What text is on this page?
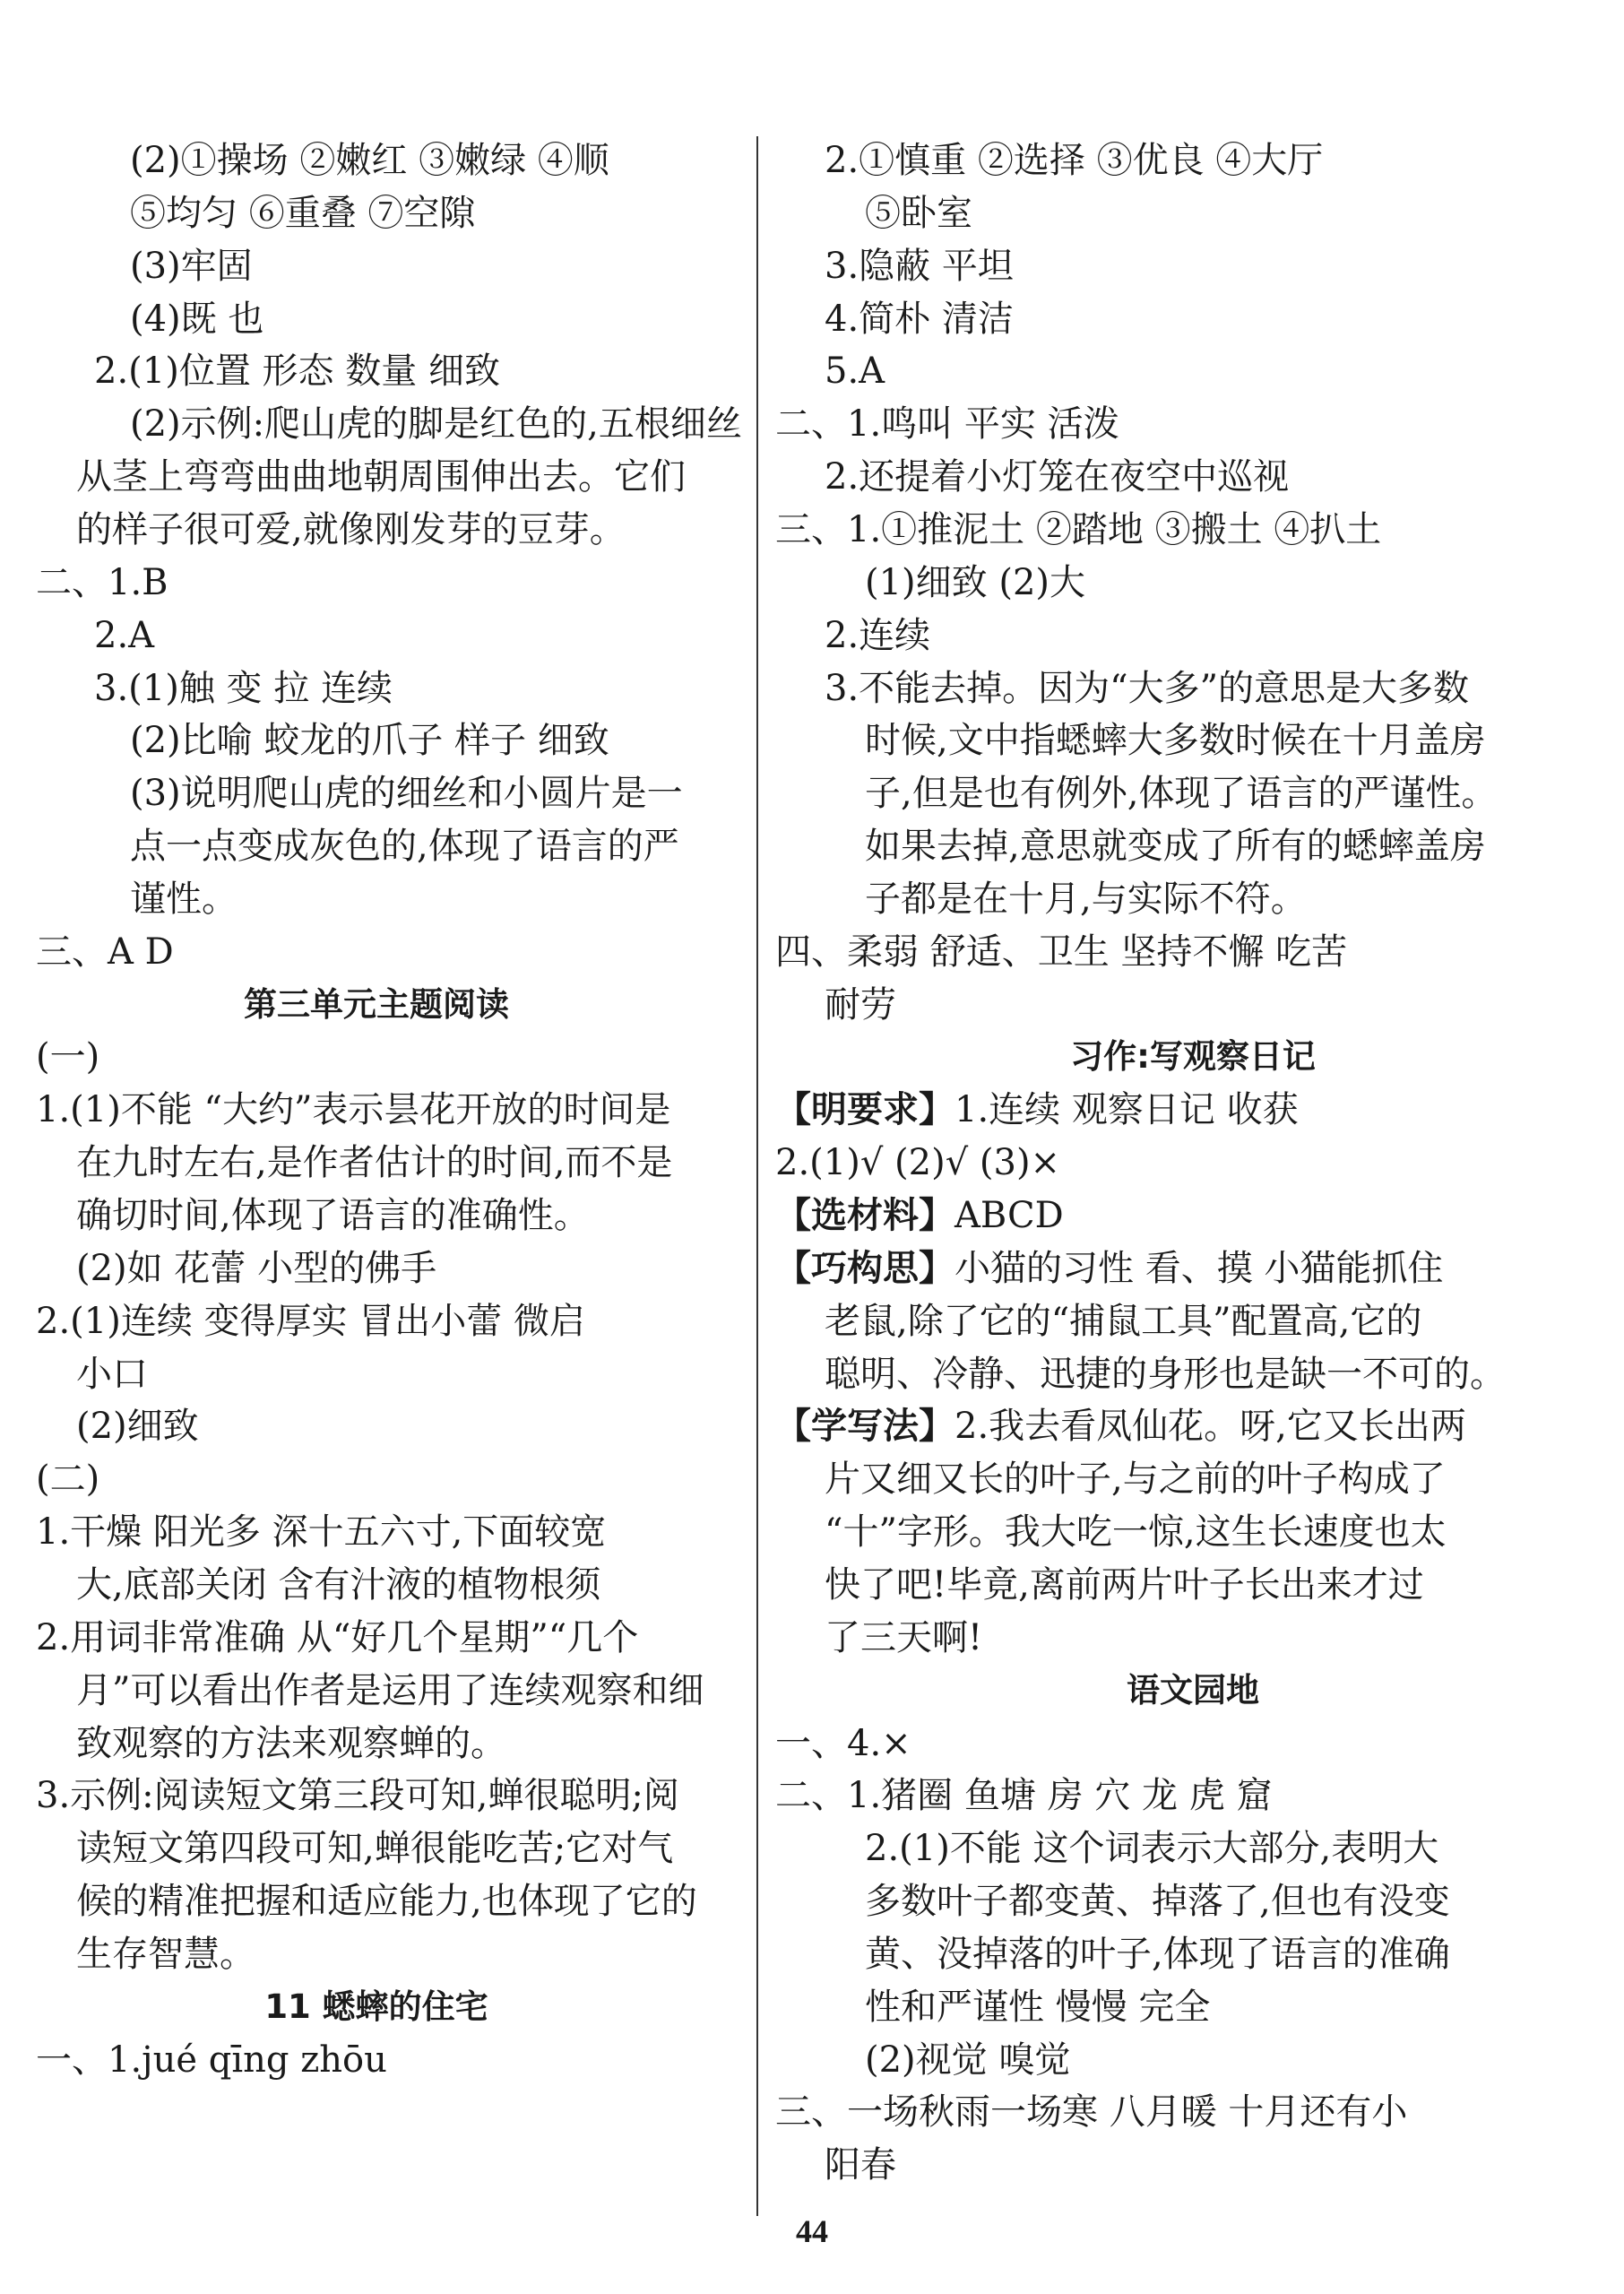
(2)①操场 ②嫩红 ③嫩绿 ④顺
⑤均匀 ⑥重叠 ⑦空隙
(3)牢固
(4)既 也
2.(1)位置 形态 数量 细致
(2)示例:爬山虎的脚是红色的,五根细丝
从茎上弯弯曲曲地朝周围伸出去。它们
的样子很可爱,就像刚发芽的豆芽。
二、1.B
2.A
3.(1)触 变 拉 连续
(2)比喻 蛟龙的爪子 样子 细致
(3)说明爬山虎的细丝和小圆片是一
点一点变成灰色的,体现了语言的严
谨性。
三、A D
第三单元主题阅读
(一)
1.(1)不能 “大约”表示昙花开放的时间是
在九时左右,是作者估计的时间,而不是
确切时间,体现了语言的准确性。
(2)如 花蕾 小型的佛手
2.(1)连续 变得厚实 冒出小蕾 微启
小口
(2)细致
(二)
1.干燥 阳光多 深十五六寸,下面较宽
大,底部关闭 含有汁液的植物根须
2.用词非常准确 从“好几个星期”“几个
月”可以看出作者是运用了连续观察和细
致观察的方法来观察蝉的。
3.示例:阅读短文第三段可知,蝉很聪明;阅
读短文第四段可知,蝉很能吃苦;它对气
候的精准把握和适应能力,也体现了它的
生存智慧。
11 蟋蟀的住宅
一、1.jué qīng zhōu
2.①慎重 ②选择 ③优良 ④大厅
⑤卧室
3.隐蔽 平坦
4.简朴 清洁
5.A
二、1.鸣叫 平实 活泼
2.还提着小灯笼在夜空中巡视
三、1.①推泥土 ②踏地 ③搬土 ④扒土
(1)细致 (2)大
2.连续
3.不能去掉。因为“大多”的意思是大多数
时候,文中指蟋蟀大多数时候在十月盖房
子,但是也有例外,体现了语言的严谨性。
如果去掉,意思就变成了所有的蟋蟀盖房
子都是在十月,与实际不符。
四、柔弱 舒适、卫生 坚持不懈 吃苦
耐劳
习作:写观察日记
【明要求】1.连续 观察日记 收获
2.(1)√ (2)√ (3)×
【选材料】ABCD
【巧构思】小猫的习性 看、摸 小猫能抓住
老鼠,除了它的“捕鼠工具”配置高,它的
聪明、冷静、迅捷的身形也是缺一不可的。
【学写法】2.我去看凤仙花。呀,它又长出两
片又细又长的叶子,与之前的叶子构成了
“十”字形。我大吃一惊,这生长速度也太
快了吧!毕竟,离前两片叶子长出来才过
了三天啊!
语文园地
一、4.×
二、1.猪圈 鱼塘 房 穴 龙 虎 窟
2.(1)不能 这个词表示大部分,表明大
多数叶子都变黄、掉落了,但也有没变
黄、没掉落的叶子,体现了语言的准确
性和严谨性 慢慢 完全
(2)视觉 嗅觉
三、一场秋雨一场寒 八月暖 十月还有小
阳春
44
